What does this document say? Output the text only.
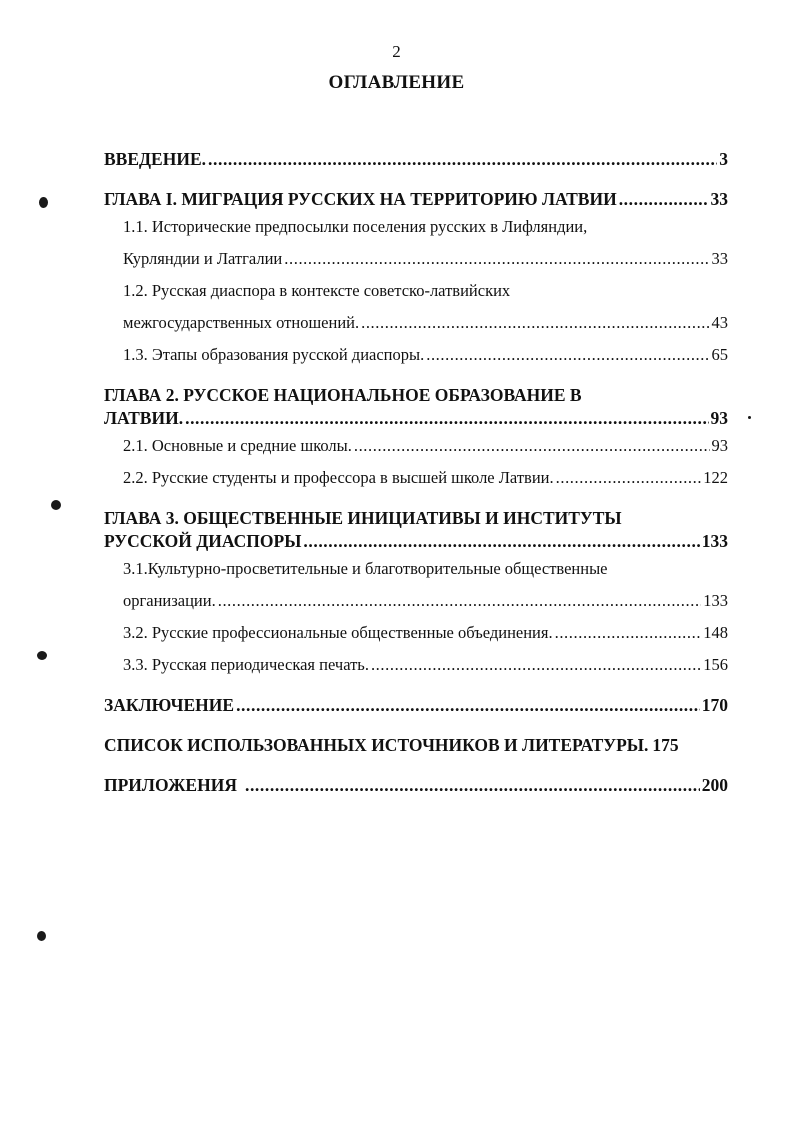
2
ОГЛАВЛЕНИЕ
ВВЕДЕНИЕ. .....	3
ГЛАВА I. МИГРАЦИЯ РУССКИХ НА ТЕРРИТОРИЮ ЛАТВИИ .....	33
1.1. Исторические предпосылки поселения русских в Лифляндии,
Курляндии и Латгалии .....	33
1.2. Русская диаспора в контексте советско-латвийских
межгосударственных отношений. .....	43
1.3. Этапы образования русской диаспоры. .....	65
ГЛАВА 2. РУССКОЕ НАЦИОНАЛЬНОЕ ОБРАЗОВАНИЕ В
ЛАТВИИ. .....	93
2.1. Основные и средние школы. .....	93
2.2. Русские студенты и профессора в высшей школе Латвии. .....	122
ГЛАВА 3. ОБЩЕСТВЕННЫЕ ИНИЦИАТИВЫ И ИНСТИТУТЫ
РУССКОЙ ДИАСПОРЫ .....	133
3.1.Культурно-просветительные и благотворительные общественные
организации. .....	133
3.2. Русские профессиональные общественные объединения. .....	148
3.3. Русская периодическая печать. .....	156
ЗАКЛЮЧЕНИЕ .....	170
СПИСОК ИСПОЛЬЗОВАННЫХ ИСТОЧНИКОВ И ЛИТЕРАТУРЫ. 175
ПРИЛОЖЕНИЯ .....	200
